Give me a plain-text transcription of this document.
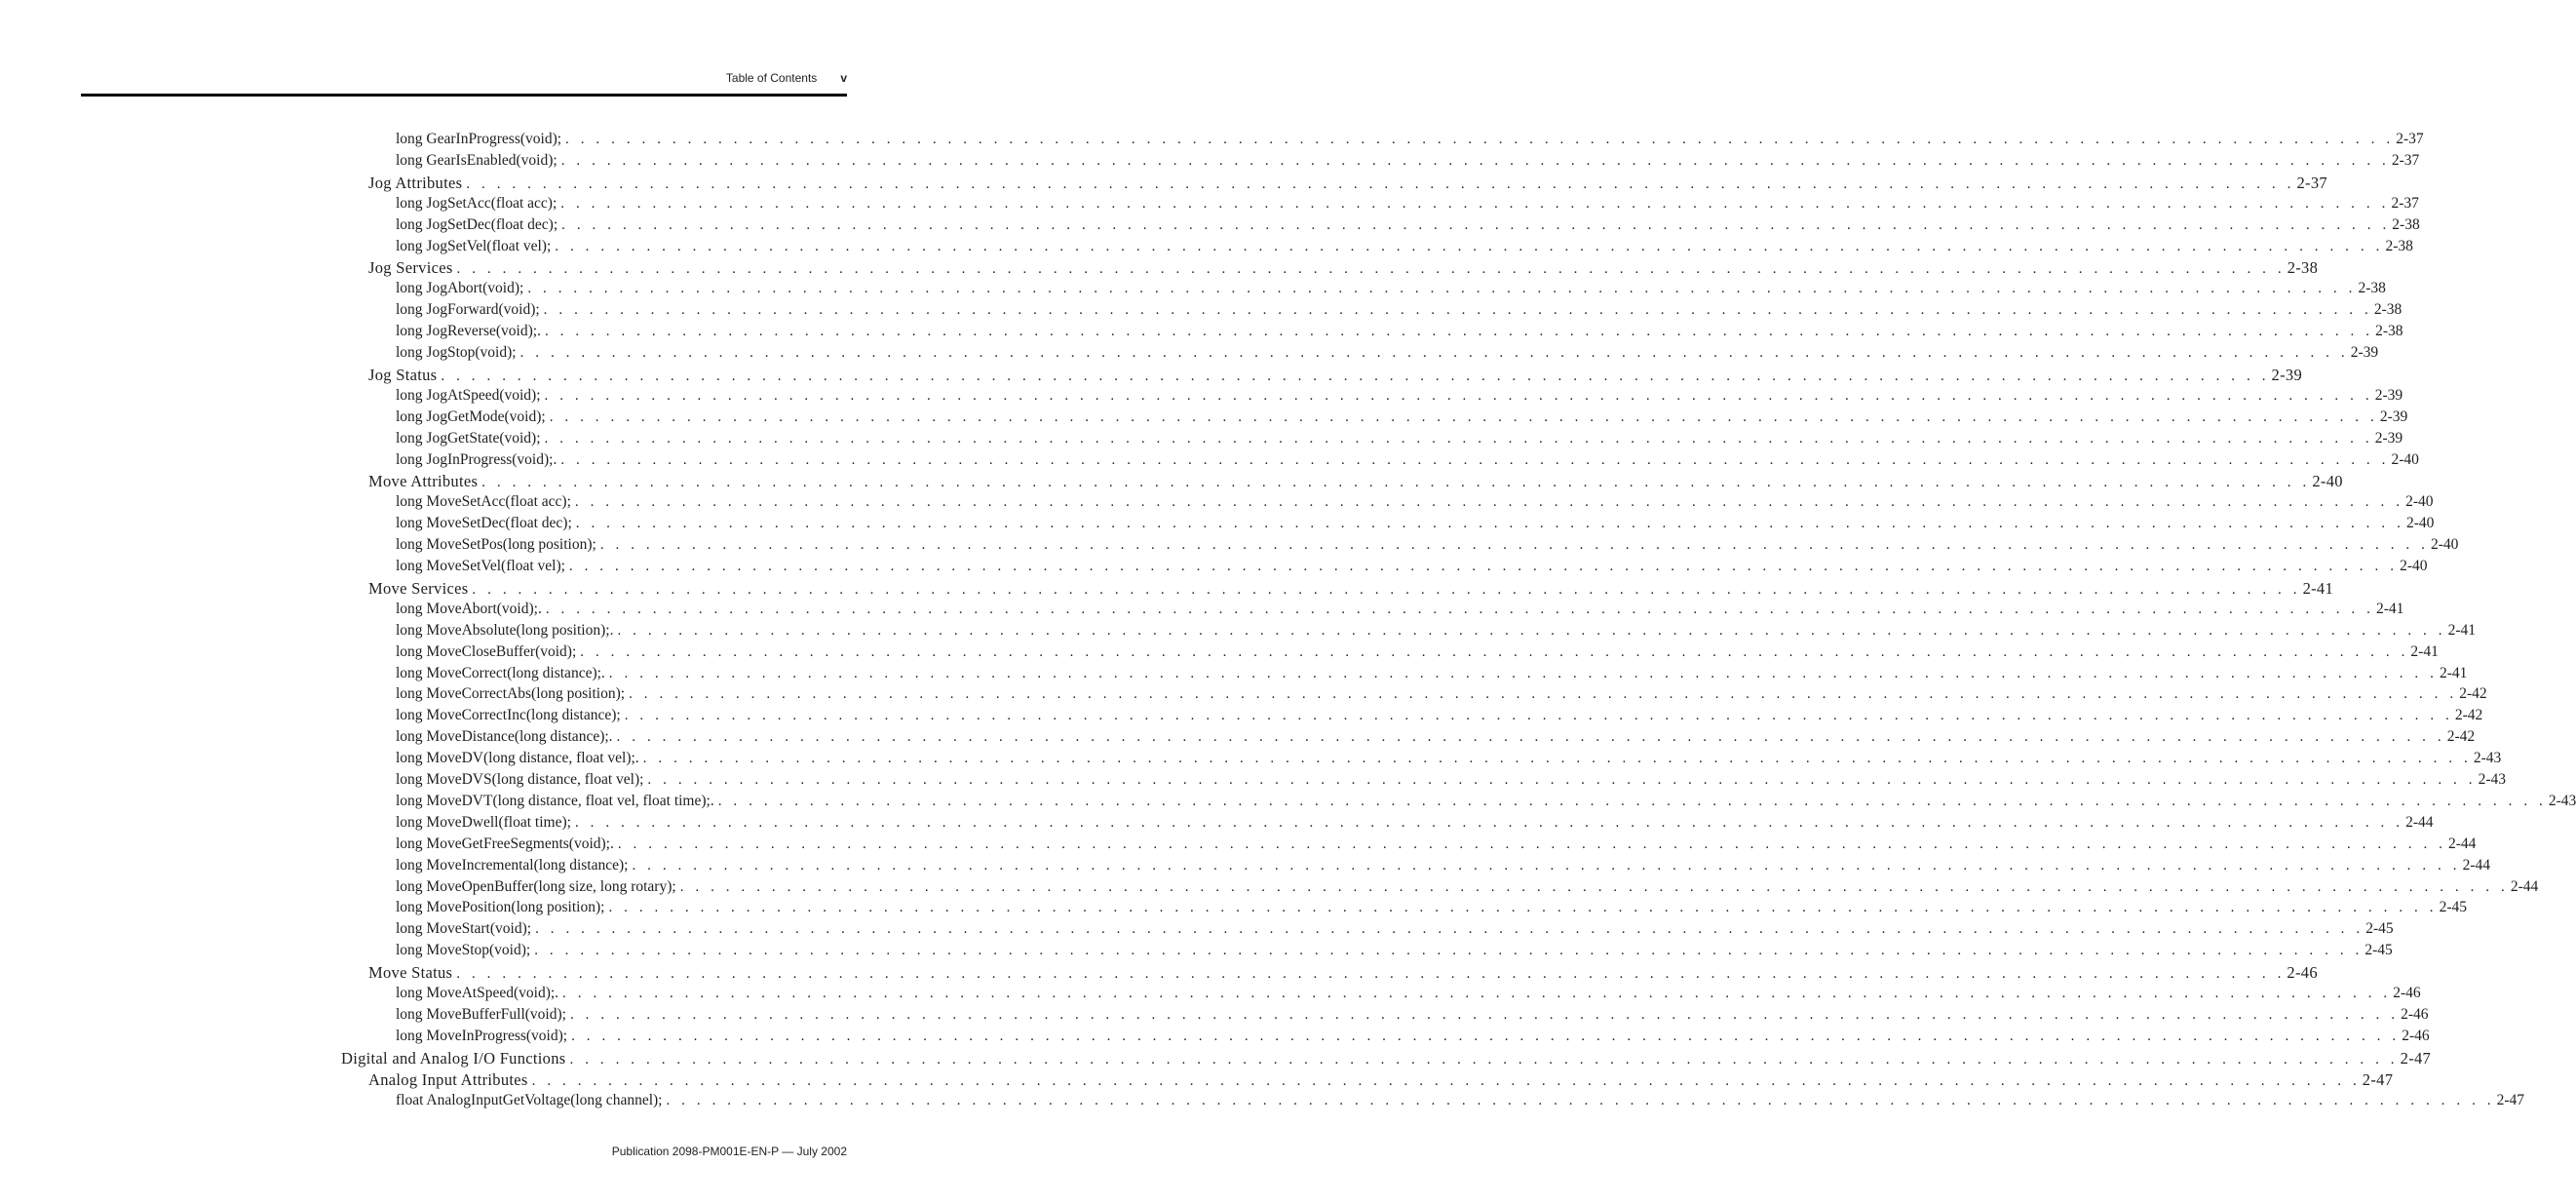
Table of Contents v
long GearInProgress(void); . . . . . . . . . . . . . . . . . . . . . . . . . . . . . . . . . . . . . . . . . . . . . . . . . . . . . . . . . . . . . . . . . . . . . . . . . . . . . . . . . . . . . . . . . . . . . . . . . . . . . . . . . . . . . . . . . . . . . . . . 2-37
long GearIsEnabled(void); . . . . . . . . . . . . . . . . . . . . . . . . . . . . . . . . . . . . . . . . . . . . . . . . . . . . . . . . . . . . . . . . . . . . . . . . . . . . . . . . . . . . . . . . . . . . . . . . . . . . . . . . . . . . . . . . . . . . . . . . 2-37
Jog Attributes . . . . . . . . . . . . . . . . . . . . . . . . . . . . . . . . . . . . . . . . . . . . . . . . . . . . . . . . . . . . . . . . . . . . . . . . . . . . . . . . . . . . . . . . . . . . . . . . . . . . . . . . . . . . . . . . . . . . . . . . 2-37
long JogSetAcc(float acc); . . . . . . . . . . . . . . . . . . . . . . . . . . . . . . . . . . . . . . . . . . . . . . . . . . . . . . . . . . . . . . . . . . . . . . . . . . . . . . . . . . . . . . . . . . . . . . . . . . . . . . . . . . . . . . . . . . . . . . . . 2-37
long JogSetDec(float dec); . . . . . . . . . . . . . . . . . . . . . . . . . . . . . . . . . . . . . . . . . . . . . . . . . . . . . . . . . . . . . . . . . . . . . . . . . . . . . . . . . . . . . . . . . . . . . . . . . . . . . . . . . . . . . . . . . . . . . . . . 2-38
long JogSetVel(float vel); . . . . . . . . . . . . . . . . . . . . . . . . . . . . . . . . . . . . . . . . . . . . . . . . . . . . . . . . . . . . . . . . . . . . . . . . . . . . . . . . . . . . . . . . . . . . . . . . . . . . . . . . . . . . . . . . . . . . . . . . 2-38
Jog Services . . . . . . . . . . . . . . . . . . . . . . . . . . . . . . . . . . . . . . . . . . . . . . . . . . . . . . . . . . . . . . . . . . . . . . . . . . . . . . . . . . . . . . . . . . . . . . . . . . . . . . . . . . . . . . . . . . . . . . . . 2-38
long JogAbort(void); . . . . . . . . . . . . . . . . . . . . . . . . . . . . . . . . . . . . . . . . . . . . . . . . . . . . . . . . . . . . . . . . . . . . . . . . . . . . . . . . . . . . . . . . . . . . . . . . . . . . . . . . . . . . . . . . . . . . . . . . 2-38
long JogForward(void); . . . . . . . . . . . . . . . . . . . . . . . . . . . . . . . . . . . . . . . . . . . . . . . . . . . . . . . . . . . . . . . . . . . . . . . . . . . . . . . . . . . . . . . . . . . . . . . . . . . . . . . . . . . . . . . . . . . . . . . . 2-38
long JogReverse(void);. . . . . . . . . . . . . . . . . . . . . . . . . . . . . . . . . . . . . . . . . . . . . . . . . . . . . . . . . . . . . . . . . . . . . . . . . . . . . . . . . . . . . . . . . . . . . . . . . . . . . . . . . . . . . . . . . . . . . . . . . 2-38
long JogStop(void); . . . . . . . . . . . . . . . . . . . . . . . . . . . . . . . . . . . . . . . . . . . . . . . . . . . . . . . . . . . . . . . . . . . . . . . . . . . . . . . . . . . . . . . . . . . . . . . . . . . . . . . . . . . . . . . . . . . . . . . . 2-39
Jog Status . . . . . . . . . . . . . . . . . . . . . . . . . . . . . . . . . . . . . . . . . . . . . . . . . . . . . . . . . . . . . . . . . . . . . . . . . . . . . . . . . . . . . . . . . . . . . . . . . . . . . . . . . . . . . . . . . . . . . . . . 2-39
long JogAtSpeed(void); . . . . . . . . . . . . . . . . . . . . . . . . . . . . . . . . . . . . . . . . . . . . . . . . . . . . . . . . . . . . . . . . . . . . . . . . . . . . . . . . . . . . . . . . . . . . . . . . . . . . . . . . . . . . . . . . . . . . . . . . 2-39
long JogGetMode(void); . . . . . . . . . . . . . . . . . . . . . . . . . . . . . . . . . . . . . . . . . . . . . . . . . . . . . . . . . . . . . . . . . . . . . . . . . . . . . . . . . . . . . . . . . . . . . . . . . . . . . . . . . . . . . . . . . . . . . . . . 2-39
long JogGetState(void); . . . . . . . . . . . . . . . . . . . . . . . . . . . . . . . . . . . . . . . . . . . . . . . . . . . . . . . . . . . . . . . . . . . . . . . . . . . . . . . . . . . . . . . . . . . . . . . . . . . . . . . . . . . . . . . . . . . . . . . . 2-39
long JogInProgress(void);. . . . . . . . . . . . . . . . . . . . . . . . . . . . . . . . . . . . . . . . . . . . . . . . . . . . . . . . . . . . . . . . . . . . . . . . . . . . . . . . . . . . . . . . . . . . . . . . . . . . . . . . . . . . . . . . . . . . . . . . . 2-40
Move Attributes . . . . . . . . . . . . . . . . . . . . . . . . . . . . . . . . . . . . . . . . . . . . . . . . . . . . . . . . . . . . . . . . . . . . . . . . . . . . . . . . . . . . . . . . . . . . . . . . . . . . . . . . . . . . . . . . . . . . . . . . 2-40
long MoveSetAcc(float acc); . . . . . . . . . . . . . . . . . . . . . . . . . . . . . . . . . . . . . . . . . . . . . . . . . . . . . . . . . . . . . . . . . . . . . . . . . . . . . . . . . . . . . . . . . . . . . . . . . . . . . . . . . . . . . . . . . . . . . . . . 2-40
long MoveSetDec(float dec); . . . . . . . . . . . . . . . . . . . . . . . . . . . . . . . . . . . . . . . . . . . . . . . . . . . . . . . . . . . . . . . . . . . . . . . . . . . . . . . . . . . . . . . . . . . . . . . . . . . . . . . . . . . . . . . . . . . . . . . . 2-40
long MoveSetPos(long position); . . . . . . . . . . . . . . . . . . . . . . . . . . . . . . . . . . . . . . . . . . . . . . . . . . . . . . . . . . . . . . . . . . . . . . . . . . . . . . . . . . . . . . . . . . . . . . . . . . . . . . . . . . . . . . . . . . . . . . . . 2-40
long MoveSetVel(float vel); . . . . . . . . . . . . . . . . . . . . . . . . . . . . . . . . . . . . . . . . . . . . . . . . . . . . . . . . . . . . . . . . . . . . . . . . . . . . . . . . . . . . . . . . . . . . . . . . . . . . . . . . . . . . . . . . . . . . . . . . 2-40
Move Services . . . . . . . . . . . . . . . . . . . . . . . . . . . . . . . . . . . . . . . . . . . . . . . . . . . . . . . . . . . . . . . . . . . . . . . . . . . . . . . . . . . . . . . . . . . . . . . . . . . . . . . . . . . . . . . . . . . . . . . . 2-41
long MoveAbort(void);. . . . . . . . . . . . . . . . . . . . . . . . . . . . . . . . . . . . . . . . . . . . . . . . . . . . . . . . . . . . . . . . . . . . . . . . . . . . . . . . . . . . . . . . . . . . . . . . . . . . . . . . . . . . . . . . . . . . . . . . . 2-41
long MoveAbsolute(long position);. . . . . . . . . . . . . . . . . . . . . . . . . . . . . . . . . . . . . . . . . . . . . . . . . . . . . . . . . . . . . . . . . . . . . . . . . . . . . . . . . . . . . . . . . . . . . . . . . . . . . . . . . . . . . . . . . . . . . . . . . 2-41
long MoveCloseBuffer(void); . . . . . . . . . . . . . . . . . . . . . . . . . . . . . . . . . . . . . . . . . . . . . . . . . . . . . . . . . . . . . . . . . . . . . . . . . . . . . . . . . . . . . . . . . . . . . . . . . . . . . . . . . . . . . . . . . . . . . . . . 2-41
long MoveCorrect(long distance);. . . . . . . . . . . . . . . . . . . . . . . . . . . . . . . . . . . . . . . . . . . . . . . . . . . . . . . . . . . . . . . . . . . . . . . . . . . . . . . . . . . . . . . . . . . . . . . . . . . . . . . . . . . . . . . . . . . . . . . . . 2-41
long MoveCorrectAbs(long position); . . . . . . . . . . . . . . . . . . . . . . . . . . . . . . . . . . . . . . . . . . . . . . . . . . . . . . . . . . . . . . . . . . . . . . . . . . . . . . . . . . . . . . . . . . . . . . . . . . . . . . . . . . . . . . . . . . . . . . . . 2-42
long MoveCorrectInc(long distance); . . . . . . . . . . . . . . . . . . . . . . . . . . . . . . . . . . . . . . . . . . . . . . . . . . . . . . . . . . . . . . . . . . . . . . . . . . . . . . . . . . . . . . . . . . . . . . . . . . . . . . . . . . . . . . . . . . . . . . . . 2-42
long MoveDistance(long distance);. . . . . . . . . . . . . . . . . . . . . . . . . . . . . . . . . . . . . . . . . . . . . . . . . . . . . . . . . . . . . . . . . . . . . . . . . . . . . . . . . . . . . . . . . . . . . . . . . . . . . . . . . . . . . . . . . . . . . . . . . 2-42
long MoveDV(long distance, float vel);. . . . . . . . . . . . . . . . . . . . . . . . . . . . . . . . . . . . . . . . . . . . . . . . . . . . . . . . . . . . . . . . . . . . . . . . . . . . . . . . . . . . . . . . . . . . . . . . . . . . . . . . . . . . . . . . . . . . . . . . . 2-43
long MoveDVS(long distance, float vel); . . . . . . . . . . . . . . . . . . . . . . . . . . . . . . . . . . . . . . . . . . . . . . . . . . . . . . . . . . . . . . . . . . . . . . . . . . . . . . . . . . . . . . . . . . . . . . . . . . . . . . . . . . . . . . . . . . . . . . . . 2-43
long MoveDVT(long distance, float vel, float time);. . . . . . . . . . . . . . . . . . . . . . . . . . . . . . . . . . . . . . . . . . . . . . . . . . . . . . . . . . . . . . . . . . . . . . . . . . . . . . . . . . . . . . . . . . . . . . . . . . . . . . . . . . . . . . . . . . . . . . . . . 2-43
long MoveDwell(float time); . . . . . . . . . . . . . . . . . . . . . . . . . . . . . . . . . . . . . . . . . . . . . . . . . . . . . . . . . . . . . . . . . . . . . . . . . . . . . . . . . . . . . . . . . . . . . . . . . . . . . . . . . . . . . . . . . . . . . . . . 2-44
long MoveGetFreeSegments(void);. . . . . . . . . . . . . . . . . . . . . . . . . . . . . . . . . . . . . . . . . . . . . . . . . . . . . . . . . . . . . . . . . . . . . . . . . . . . . . . . . . . . . . . . . . . . . . . . . . . . . . . . . . . . . . . . . . . . . . . . . 2-44
long MoveIncremental(long distance); . . . . . . . . . . . . . . . . . . . . . . . . . . . . . . . . . . . . . . . . . . . . . . . . . . . . . . . . . . . . . . . . . . . . . . . . . . . . . . . . . . . . . . . . . . . . . . . . . . . . . . . . . . . . . . . . . . . . . . . . 2-44
long MoveOpenBuffer(long size, long rotary); . . . . . . . . . . . . . . . . . . . . . . . . . . . . . . . . . . . . . . . . . . . . . . . . . . . . . . . . . . . . . . . . . . . . . . . . . . . . . . . . . . . . . . . . . . . . . . . . . . . . . . . . . . . . . . . . . . . . . . . . 2-44
long MovePosition(long position); . . . . . . . . . . . . . . . . . . . . . . . . . . . . . . . . . . . . . . . . . . . . . . . . . . . . . . . . . . . . . . . . . . . . . . . . . . . . . . . . . . . . . . . . . . . . . . . . . . . . . . . . . . . . . . . . . . . . . . . . 2-45
long MoveStart(void); . . . . . . . . . . . . . . . . . . . . . . . . . . . . . . . . . . . . . . . . . . . . . . . . . . . . . . . . . . . . . . . . . . . . . . . . . . . . . . . . . . . . . . . . . . . . . . . . . . . . . . . . . . . . . . . . . . . . . . . . 2-45
long MoveStop(void); . . . . . . . . . . . . . . . . . . . . . . . . . . . . . . . . . . . . . . . . . . . . . . . . . . . . . . . . . . . . . . . . . . . . . . . . . . . . . . . . . . . . . . . . . . . . . . . . . . . . . . . . . . . . . . . . . . . . . . . . 2-45
Move Status . . . . . . . . . . . . . . . . . . . . . . . . . . . . . . . . . . . . . . . . . . . . . . . . . . . . . . . . . . . . . . . . . . . . . . . . . . . . . . . . . . . . . . . . . . . . . . . . . . . . . . . . . . . . . . . . . . . . . . . . 2-46
long MoveAtSpeed(void);. . . . . . . . . . . . . . . . . . . . . . . . . . . . . . . . . . . . . . . . . . . . . . . . . . . . . . . . . . . . . . . . . . . . . . . . . . . . . . . . . . . . . . . . . . . . . . . . . . . . . . . . . . . . . . . . . . . . . . . . . 2-46
long MoveBufferFull(void); . . . . . . . . . . . . . . . . . . . . . . . . . . . . . . . . . . . . . . . . . . . . . . . . . . . . . . . . . . . . . . . . . . . . . . . . . . . . . . . . . . . . . . . . . . . . . . . . . . . . . . . . . . . . . . . . . . . . . . . . 2-46
long MoveInProgress(void); . . . . . . . . . . . . . . . . . . . . . . . . . . . . . . . . . . . . . . . . . . . . . . . . . . . . . . . . . . . . . . . . . . . . . . . . . . . . . . . . . . . . . . . . . . . . . . . . . . . . . . . . . . . . . . . . . . . . . . . . 2-46
Digital and Analog I/O Functions . . . . . . . . . . . . . . . . . . . . . . . . . . . . . . . . . . . . . . . . . . . . . . . . . . . . . . . . . . . . . . . . . . . . . . . . . . . . . . . . . . . . . . . . . . . . . . . . . . . . . . . . . . . . . . . . . . . . . . . . 2-47
Analog Input Attributes . . . . . . . . . . . . . . . . . . . . . . . . . . . . . . . . . . . . . . . . . . . . . . . . . . . . . . . . . . . . . . . . . . . . . . . . . . . . . . . . . . . . . . . . . . . . . . . . . . . . . . . . . . . . . . . . . . . . . . . . 2-47
float AnalogInputGetVoltage(long channel); . . . . . . . . . . . . . . . . . . . . . . . . . . . . . . . . . . . . . . . . . . . . . . . . . . . . . . . . . . . . . . . . . . . . . . . . . . . . . . . . . . . . . . . . . . . . . . . . . . . . . . . . . . . . . . . . . . . . . . . . 2-47
Publication 2098-PM001E-EN-P — July 2002
